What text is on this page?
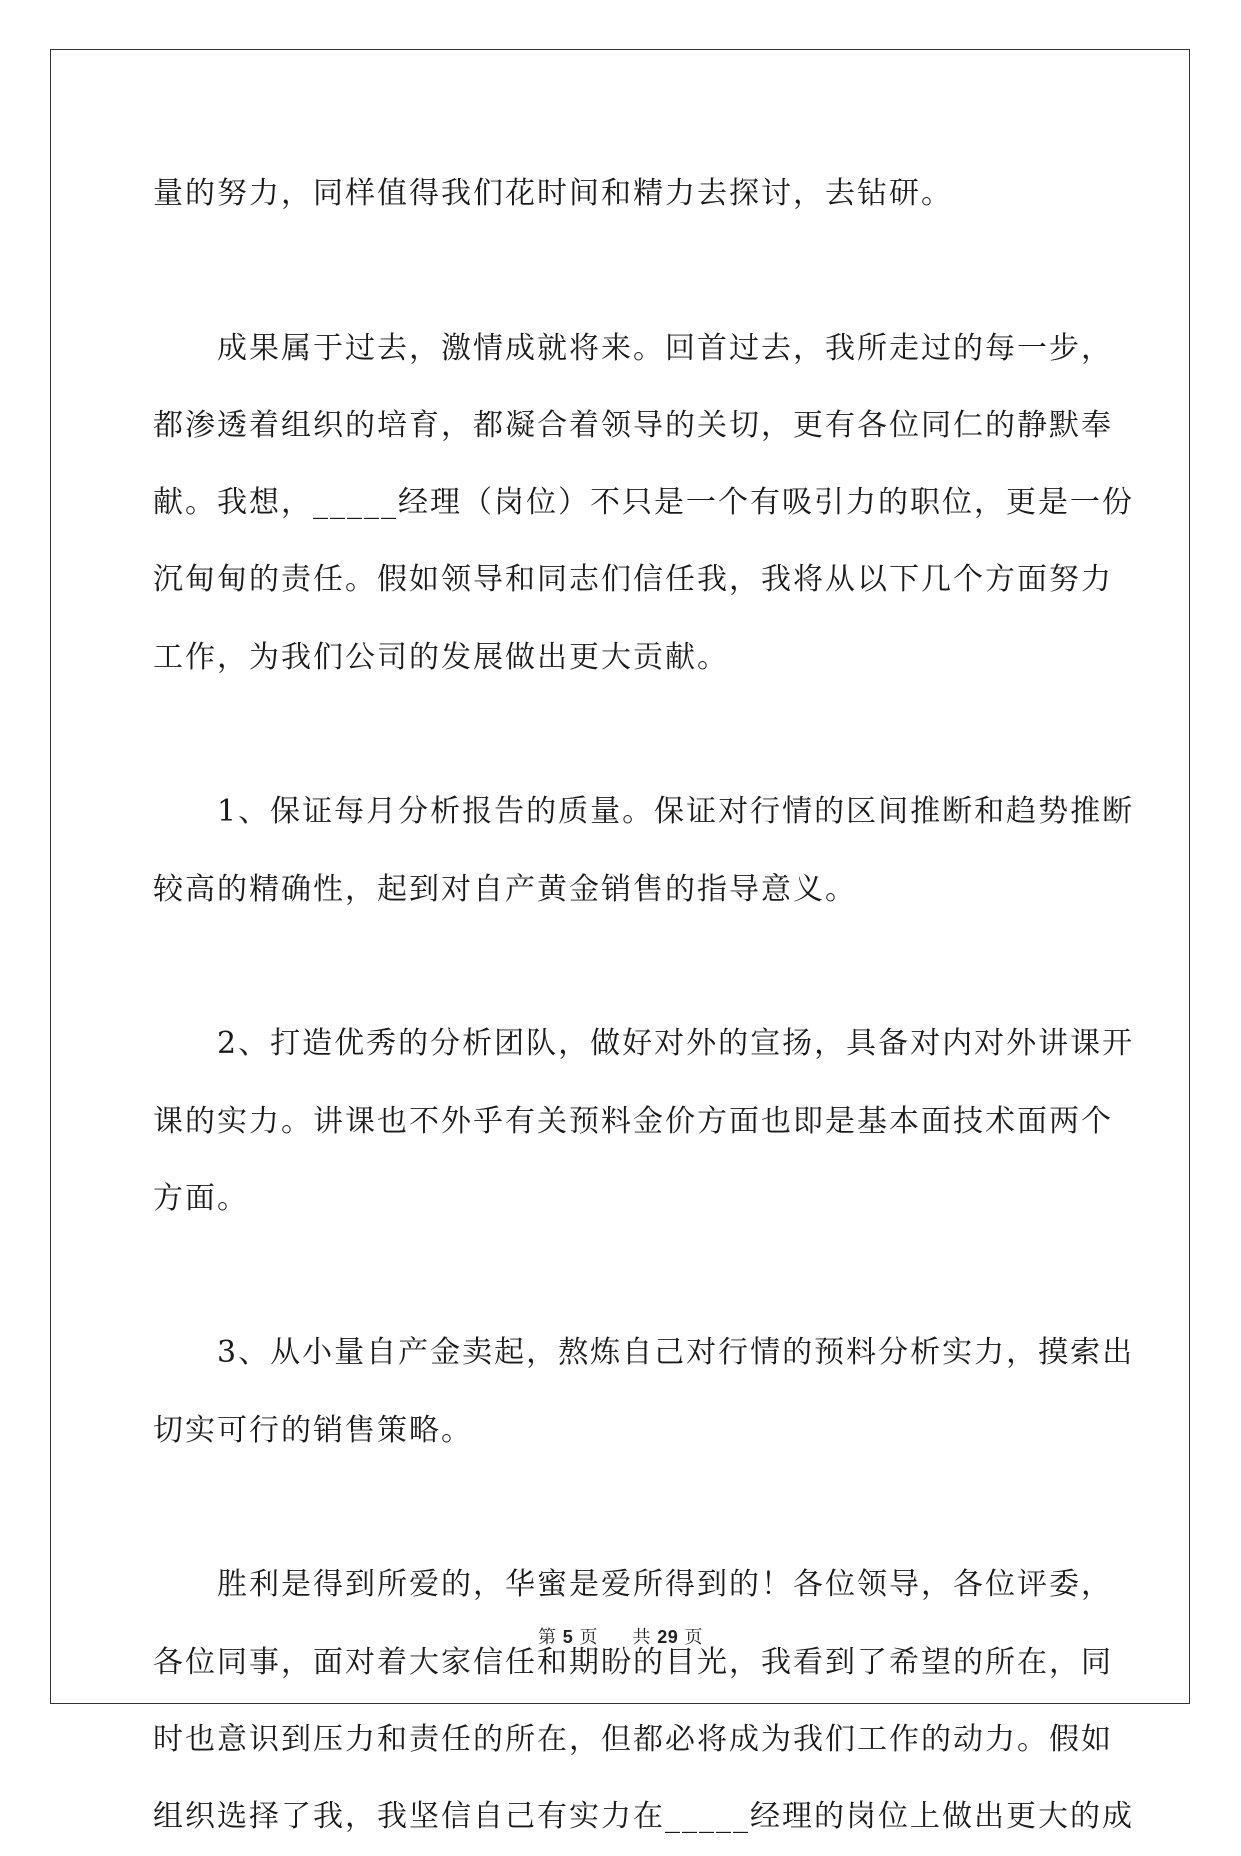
量的努力，同样值得我们花时间和精力去探讨，去钻研。
　　成果属于过去，激情成就将来。回首过去，我所走过的每一步，
都渗透着组织的培育，都凝合着领导的关切，更有各位同仁的静默奉
献。我想，_____经理（岗位）不只是一个有吸引力的职位，更是一份
沉甸甸的责任。假如领导和同志们信任我，我将从以下几个方面努力
工作，为我们公司的发展做出更大贡献。
　　1、保证每月分析报告的质量。保证对行情的区间推断和趋势推断
较高的精确性，起到对自产黄金销售的指导意义。
　　2、打造优秀的分析团队，做好对外的宣扬，具备对内对外讲课开
课的实力。讲课也不外乎有关预料金价方面也即是基本面技术面两个
方面。
　　3、从小量自产金卖起，熬炼自己对行情的预料分析实力，摸索出
切实可行的销售策略。
　　胜利是得到所爱的，华蜜是爱所得到的！各位领导，各位评委，
各位同事，面对着大家信任和期盼的目光，我看到了希望的所在，同
时也意识到压力和责任的所在，但都必将成为我们工作的动力。假如
组织选择了我，我坚信自己有实力在_____经理的岗位上做出更大的成
第 5 页 共 29 页
